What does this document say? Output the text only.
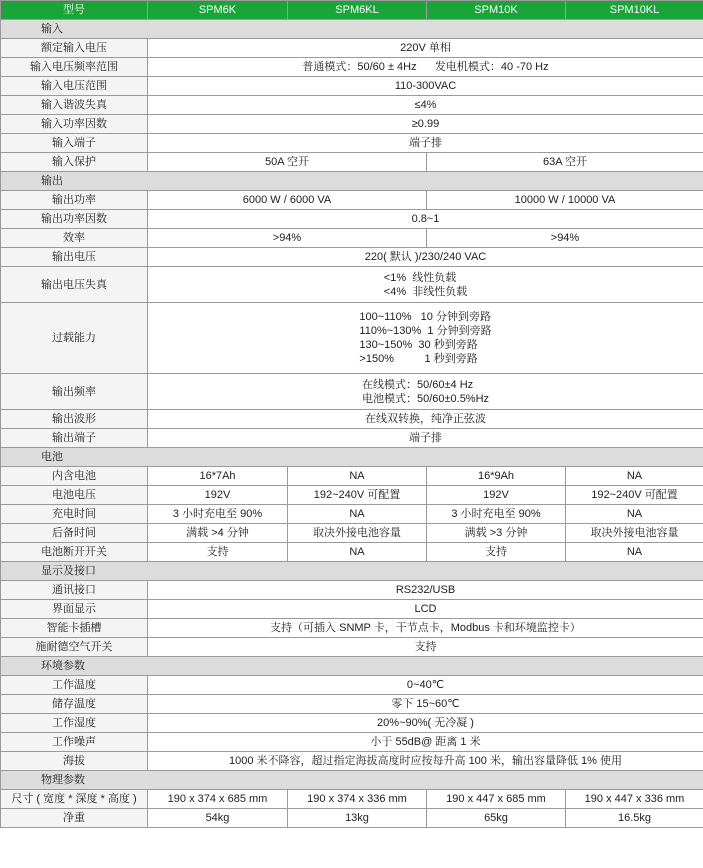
型号	SPM6K	SPM6KL	SPM10K	SPM10KL
输入				
额定输入电压	220V 单相			
输入电压频率范围	普通模式：50/60 ± 4Hz      发电机模式：40 -70 Hz			
输入电压范围	110-300VAC			
输入谐波失真	≤4%			
输入功率因数	≥0.99			
输入端子	端子排			
输入保护	50A 空开		63A 空开	
输出				
输出功率	6000 W / 6000 VA		10000 W / 10000 VA	
输出功率因数	0.8~1			
效率	>94%		>94%	
输出电压	220( 默认 )/230/240 VAC			
输出电压失真	<1%  线性负载
<4%  非线性负载			

过载能力	100~110%   10 分钟到旁路
110%~130%  1 分钟到旁路
130~150%  30 秒到旁路
>150%          1 秒到旁路			

输出频率	在线模式：50/60±4 Hz
电池模式：50/60±0.5%Hz			

输出波形	在线双转换，纯净正弦波			
输出端子	端子排			
电池				
内含电池	16*7Ah	NA	16*9Ah	NA
电池电压	192V	192~240V 可配置	192V	192~240V 可配置
充电时间	3 小时充电至 90%	NA	3 小时充电至 90%	NA
后备时间	满载 >4 分钟	取决外接电池容量	满载 >3 分钟	取决外接电池容量
电池断开开关	支持	NA	支持	NA
显示及接口				
通讯接口	RS232/USB			
界面显示	LCD			
智能卡插槽	支持（可插入 SNMP 卡，干节点卡，Modbus 卡和环境监控卡）			
施耐德空气开关	支持			
环境参数				
工作温度	0~40℃			
储存温度	零下 15~60℃			
工作湿度	20%~90%( 无冷凝 )			
工作噪声	小于 55dB@ 距离 1 米			
海拔	1000 米不降容，超过指定海拔高度时应按每升高 100 米，输出容量降低 1% 使用			
物理参数				
尺寸 ( 宽度 * 深度 * 高度 )	190 x 374 x 685 mm	190 x 374 x 336 mm	190 x 447 x 685 mm	190 x 447 x 336 mm
净重	54kg	13kg	65kg	16.5kg
